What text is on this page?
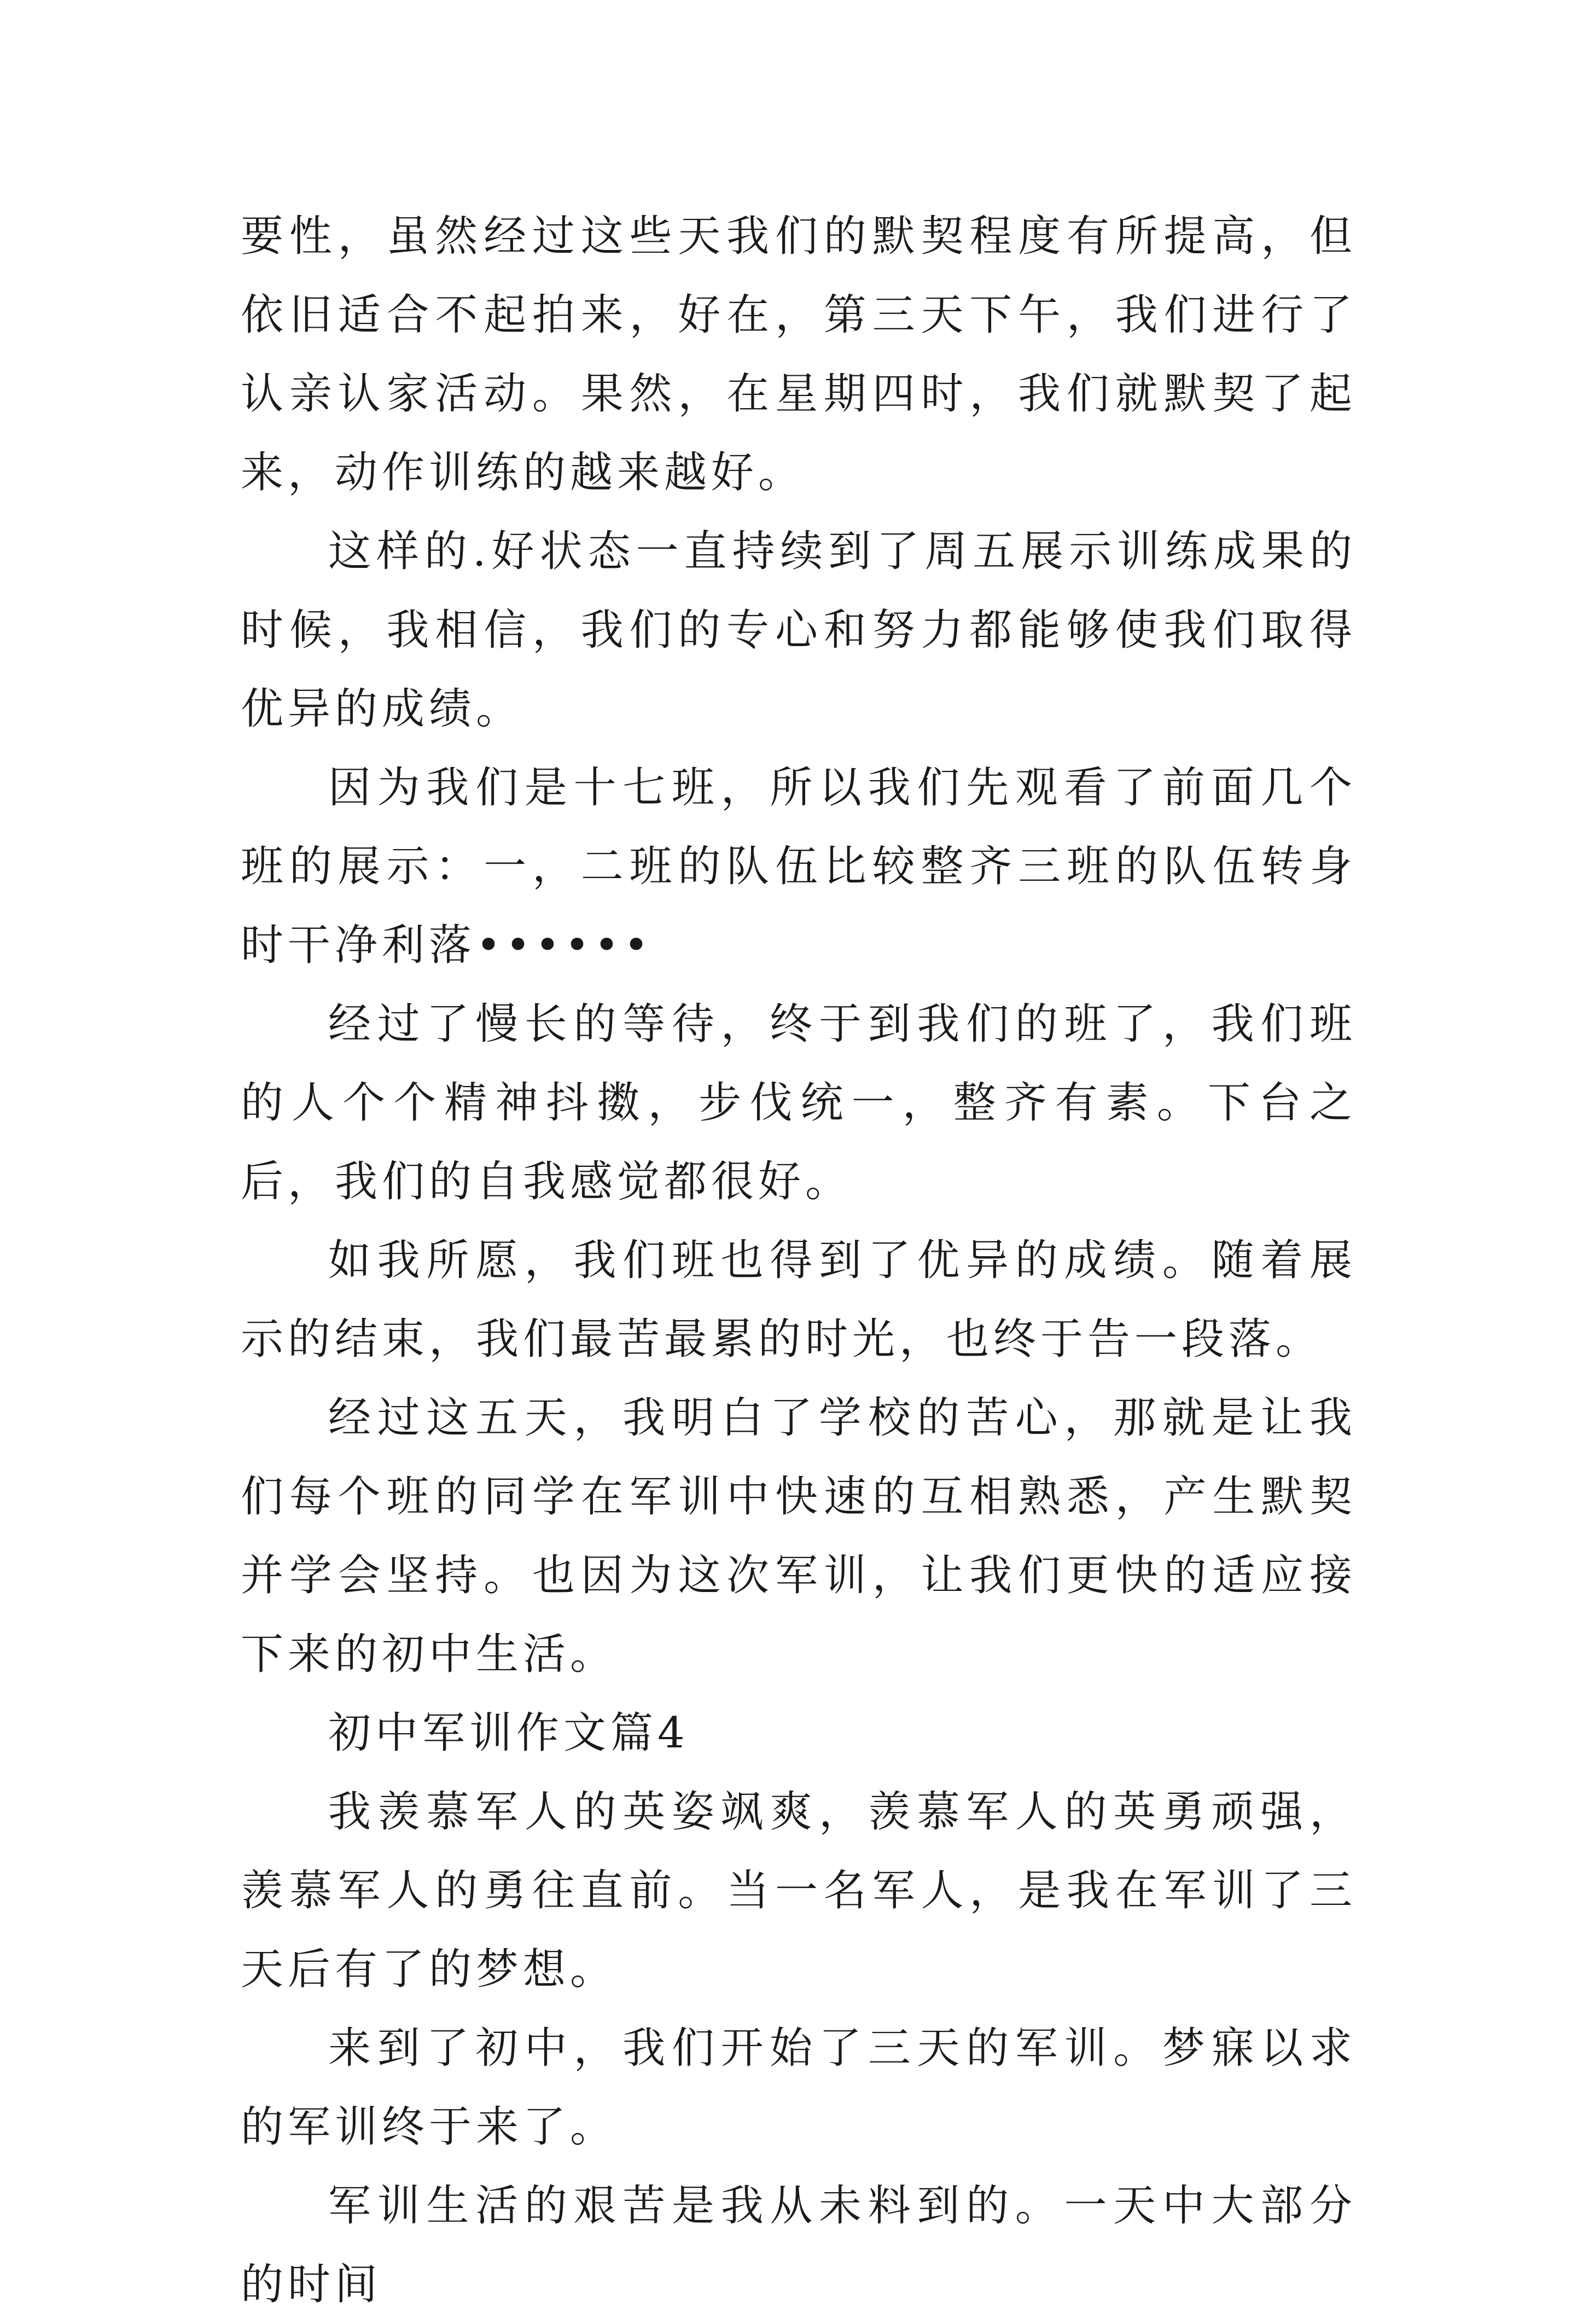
要性，虽然经过这些天我们的默契程度有所提高，但依旧适合不起拍来，好在，第三天下午，我们进行了认亲认家活动。果然，在星期四时，我们就默契了起来，动作训练的越来越好。

这样的.好状态一直持续到了周五展示训练成果的时候，我相信，我们的专心和努力都能够使我们取得优异的成绩。

因为我们是十七班，所以我们先观看了前面几个班的展示：一，二班的队伍比较整齐三班的队伍转身时干净利落••••••

经过了慢长的等待，终于到我们的班了，我们班的人个个精神抖擞，步伐统一，整齐有素。下台之后，我们的自我感觉都很好。

如我所愿，我们班也得到了优异的成绩。随着展示的结束，我们最苦最累的时光，也终于告一段落。

经过这五天，我明白了学校的苦心，那就是让我们每个班的同学在军训中快速的互相熟悉，产生默契并学会坚持。也因为这次军训，让我们更快的适应接下来的初中生活。

初中军训作文篇4

我羡慕军人的英姿飒爽，羡慕军人的英勇顽强，羡慕军人的勇往直前。当一名军人，是我在军训了三天后有了的梦想。

来到了初中，我们开始了三天的军训。梦寐以求的军训终于来了。

军训生活的艰苦是我从未料到的。一天中大部分的时间
